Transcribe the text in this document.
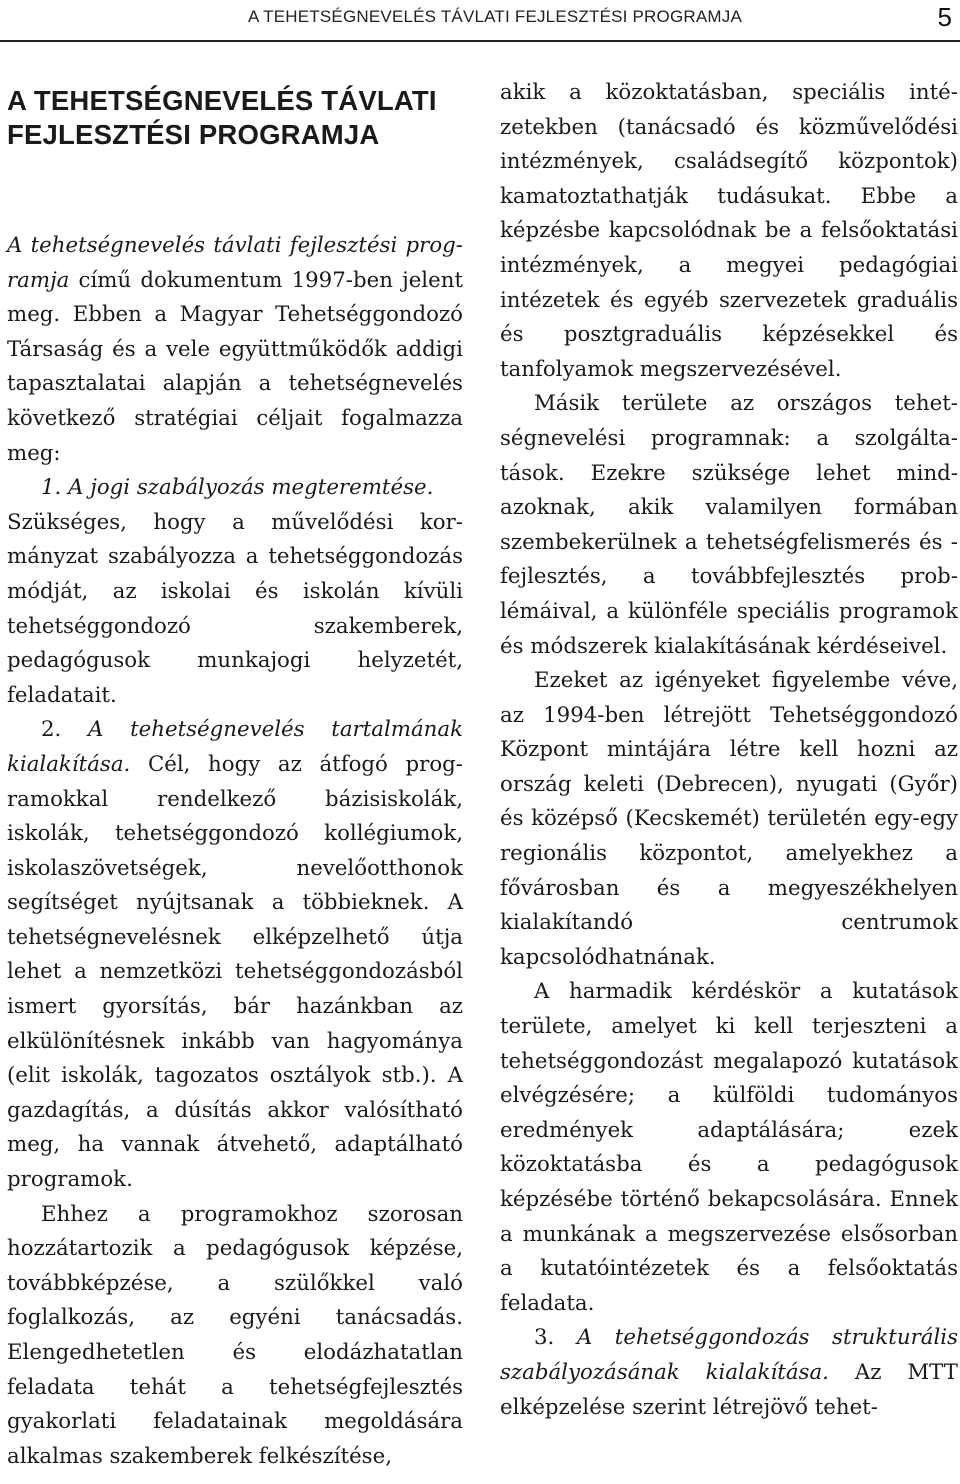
A TEHETSÉGNEVELÉS TÁVLATI FEJLESZTÉSI PROGRAMJA	5
A TEHETSÉGNEVELÉS TÁVLATI
FEJLESZTÉSI PROGRAMJA

A tehetségnevelés távlati fejlesztési programja című dokumentum 1997-ben jelent meg. Ebben a Magyar Tehetséggondozó Társaság és a vele együttműködők addigi tapasztalatai alapján a tehetségnevelés következő stratégiai céljait fogalmazza meg:

1. A jogi szabályozás megteremtése.

Szükséges, hogy a művelődési kormányzat szabályozza a tehetséggondozás módját, az iskolai és iskolán kívüli tehetséggondozó szakemberek, pedagógusok munkajogi helyzetét, feladatait.

2. A tehetségnevelés tartalmának kialakítása. Cél, hogy az átfogó programokkal rendelkező bázisiskolák, iskolák, tehetséggondozó kollégiumok, iskolaszövetségek, nevelőotthonok segítséget nyújtsanak a többieknek. A tehetségnevelésnek elképzelhető útja lehet a nemzetközi tehetséggondozásból ismert gyorsítás, bár hazánkban az elkülönítésnek inkább van hagyománya (elit iskolák, tagozatos osztályok stb.). A gazdagítás, a dúsítás akkor valósítható meg, ha vannak átvehető, adaptálható programok.

Ehhez a programokhoz szorosan hozzátartozik a pedagógusok képzése, továbbképzése, a szülőkkel való foglalkozás, az egyéni tanácsadás. Elengedhetetlen és elodázhatatlan feladata tehát a tehetségfejlesztés gyakorlati feladatainak megoldására alkalmas szakemberek felkészítése,

akik a közoktatásban, speciális intézetekben (tanácsadó és közművelődési intézmények, családsegítő központok) kamatoztathatják tudásukat. Ebbe a képzésbe kapcsolódnak be a felsőoktatási intézmények, a megyei pedagógiai intézetek és egyéb szervezetek graduális és posztgraduális képzésekkel és tanfolyamok megszervezésével.

Másik területe az országos tehetségnevelési programnak: a szolgáltatások. Ezekre szüksége lehet mindazoknak, akik valamilyen formában szembekerülnek a tehetségfelismerés és -fejlesztés, a továbbfejlesztés problémáival, a különféle speciális programok és módszerek kialakításának kérdéseivel.

Ezeket az igényeket figyelembe véve, az 1994-ben létrejött Tehetséggondozó Központ mintájára létre kell hozni az ország keleti (Debrecen), nyugati (Győr) és középső (Kecskemét) területén egy-egy regionális központot, amelyekhez a fővárosban és a megyeszékhelyen kialakítandó centrumok kapcsolódhatnának.

A harmadik kérdéskör a kutatások területe, amelyet ki kell terjeszteni a tehetséggondozást megalapozó kutatások elvégzésére; a külföldi tudományos eredmények adaptálására; ezek közoktatásba és a pedagógusok képzésébe történő bekapcsolására. Ennek a munkának a megszervezése elsősorban a kutatóintézetek és a felsőoktatás feladata.

3. A tehetséggondozás strukturális szabályozásának kialakítása. Az MTT elképzelése szerint létrejövő tehet-
